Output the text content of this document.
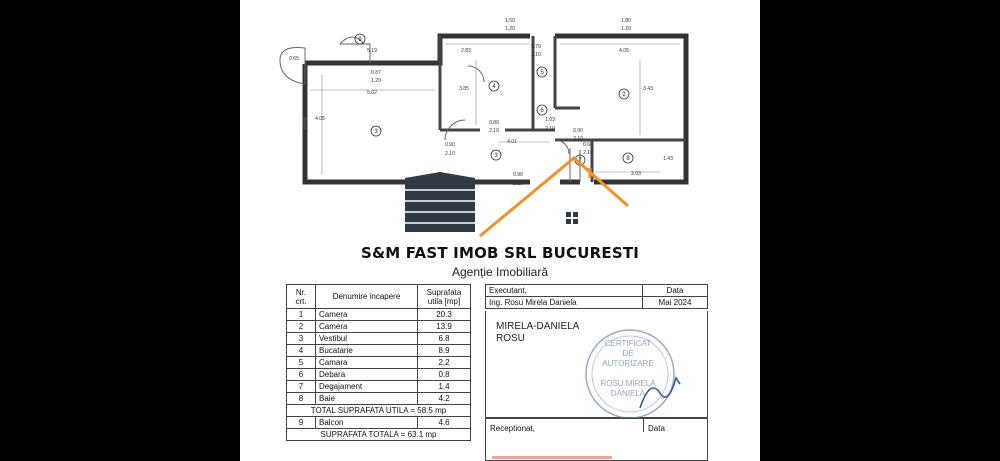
3
2
3
4
5
6
7	8
9
1.50
1.20
1.80
1.20
2.83
0.70
2.10
4.05
5.19
0.65
0.87
1.20
5.02
4.05
3.85
0.80
2.10
3.43
1.03
2.10	0.90
2.10
4.01
0.90
2.10
0.90
2.10
0.60
2.10
2.03
1.43
S&M FAST IMOB SRL BUCURESTI
Agenție Imobiliară
Nr. crt.	Denumire incapere	Suprafata utila [mp]
1	Camera	20.3
2	Camera	13.9
3	Vestibul	6.8
4	Bucatarie	8.9
5	Camara	2.2
6	Debara	0.8
7	Degajament	1.4
8	Baie	4.2
TOTAL SUPRAFATA UTILA = 58.5 mp		
9	Balcon	4.6
SUPRAFATA TOTALA = 63.1 mp		
Executant,	Data
Ing. Rosu Mirela Daniela	Mai 2024
MIRELA-DANIELA
ROSU	CERTIFICAT
DE
AUTORIZARE
ROSU MIRELA
DANIELA
Receptionat,	Data
